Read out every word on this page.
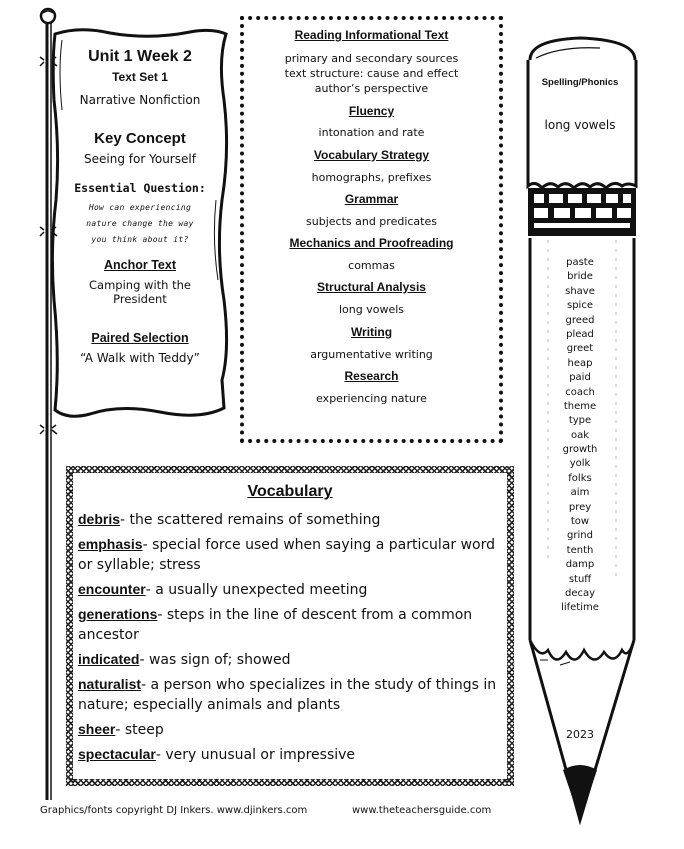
Unit 1 Week 2
Text Set 1
Narrative Nonfiction
Key Concept
Seeing for Yourself
Essential Question:
How can experiencing
nature change the way
you think about it?
Anchor Text
Camping with the
President
Paired Selection
“A Walk with Teddy”
Reading Informational Text
primary and secondary sources
text structure: cause and effect
author’s perspective
Fluency
intonation and rate
Vocabulary Strategy
homographs, prefixes
Grammar
subjects and predicates
Mechanics and Proofreading
commas
Structural Analysis
long vowels
Writing
argumentative writing
Research
experiencing nature
Spelling/Phonics
long vowels
paste
bride
shave
spice
greed
plead
greet
heap
paid
coach
theme
type
oak
growth
yolk
folks
aim
prey
tow
grind
tenth
damp
stuff
decay
lifetime
2023
Vocabulary
debris- the scattered remains of something
emphasis- special force used when saying a particular word or syllable; stress
encounter- a usually unexpected meeting
generations- steps in the line of descent from a common ancestor
indicated- was sign of; showed
naturalist- a person who specializes in the study of things in nature; especially animals and plants
sheer- steep
spectacular- very unusual or impressive
Graphics/fonts copyright DJ Inkers. www.djinkers.com	www.theteachersguide.com
